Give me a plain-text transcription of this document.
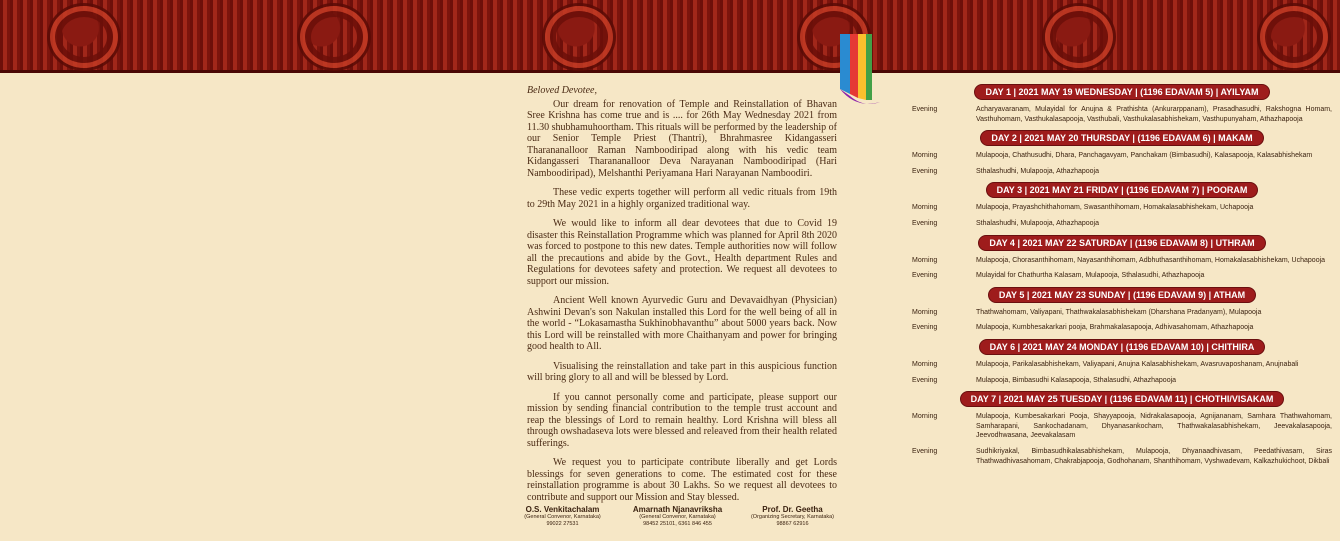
Beloved Devotee,

Our dream for renovation of Temple and Reinstallation of Bhavan Sree Krishna has come true and is .... for 26th May Wednesday 2021 from 11.30 shubhamuhoortham. This rituals will be performed by the leadership of our Senior Temple Priest (Thantri), Bhrahmasree Kidangasseri Tharananalloor Raman Namboodiripad along with his vedic team Kidangasseri Tharananalloor Deva Narayanan Namboodiripad (Hari Namboodiripad), Melshanthi Periyamana Hari Narayanan Namboodiri.

These vedic experts together will perform all vedic rituals from 19th to 29th May 2021 in a highly organized traditional way.

We would like to inform all dear devotees that due to Covid 19 disaster this Reinstallation Programme which was planned for April 8th 2020 was forced to postpone to this new dates. Temple authorities now will follow all the precautions and abide by the Govt., Health department Rules and Regulations for devotees safety and protection. We request all devotees to support our mission.

Ancient Well known Ayurvedic Guru and Devavaidhyan (Physician) Ashwini Devan's son Nakulan installed this Lord for the well being of all in the world - “Lokasamastha Sukhinobhavanthu” about 5000 years back. Now this Lord will be reinstalled with more Chaithanyam and power for bringing good health to All.

Visualising the reinstallation and take part in this auspicious function will bring glory to all and will be blessed by Lord.

If you cannot personally come and participate, please support our mission by sending financial contribution to the temple trust account and reap the blessings of Lord to remain healthy. Lord Krishna will bless all through owshadaseva lots were blessed and releaved from their health related sufferings.

We request you to participate contribute liberally and get Lords blessings for seven generations to come. The estimated cost for these reinstallation programme is about 30 Lakhs. So we request all devotees to contribute and support our Mission and Stay blessed.

O.S. Venkitachalam
(General Convenor, Karnataka)
99022 27531
Amarnath Njanavriksha
(General Convenor, Karnataka)
98452 25101, 6361 846 455
Prof. Dr. Geetha
(Organizing Secretary, Karnataka)
98867 62916
DAY 1 | 2021 MAY 19 WEDNESDAY | (1196 EDAVAM 5) | AYILYAM
Evening	Acharyavaranam, Mulayidal for Anujna & Prathishta (Ankurarppanam), Prasadhasudhi, Rakshogna Homam, Vasthuhomam, Vasthukalasapooja, Vasthubali, Vasthukalasabhishekam, Vasthupunyaham, Athazhapooja
DAY 2 | 2021 MAY 20 THURSDAY | (1196 EDAVAM 6) | MAKAM
Morning	Mulapooja, Chathusudhi, Dhara, Panchagavyam, Panchakam (Bimbasudhi), Kalasapooja, Kalasabhishekam
Evening	Sthalashudhi, Mulapooja, Athazhapooja
DAY 3 | 2021 MAY 21 FRIDAY | (1196 EDAVAM 7) | POORAM
Morning	Mulapooja, Prayashchithahomam, Swasanthihomam, Homakalasabhishekam, Uchapooja
Evening	Sthalashudhi, Mulapooja, Athazhapooja
DAY 4 | 2021 MAY 22 SATURDAY | (1196 EDAVAM 8) | UTHRAM
Morning	Mulapooja, Chorasanthihomam, Nayasanthihomam, Adbhuthasanthihomam, Homakalasabhishekam, Uchapooja
Evening	Mulayidal for Chathurtha Kalasam, Mulapooja, Sthalasudhi, Athazhapooja
DAY 5 | 2021 MAY 23 SUNDAY | (1196 EDAVAM 9) | ATHAM
Morning	Thathwahomam, Valiyapani, Thathwakalasabhishekam (Dharshana Pradanyam), Mulapooja
Evening	Mulapooja, Kumbhesakarkari pooja, Brahmakalasapooja, Adhivasahomam, Athazhapooja
DAY 6 | 2021 MAY 24 MONDAY | (1196 EDAVAM 10) | CHITHIRA
Morning	Mulapooja, Parikalasabhishekam, Valiyapani, Anujna Kalasabhishekam, Avasruvaposhanam, Anujnabali
Evening	Mulapooja, Bimbasudhi Kalasapooja, Sthalasudhi, Athazhapooja
DAY 7 | 2021 MAY 25 TUESDAY | (1196 EDAVAM 11) | CHOTHI/VISAKAM
Morning	Mulapooja, Kumbesakarkari Pooja, Shayyapooja, Nidrakalasapooja, Agnijananam, Samhara Thathwahomam, Samharapani, Sankochadanam, Dhyanasankocham, Thathwakalasabhishekam, Jeevakalasapooja, Jeevodhwasana, Jeevakalasam
Evening	Sudhikriyakal, Bimbasudhikalasabhishekam, Mulapooja, Dhyanaadhivasam, Peedathivasam, Siras Thathwadhivasahomam, Chakrabjapooja, Godhohanam, Shanthihomam, Vyshwadevam, Kalkazhukichoot, Dikbali
